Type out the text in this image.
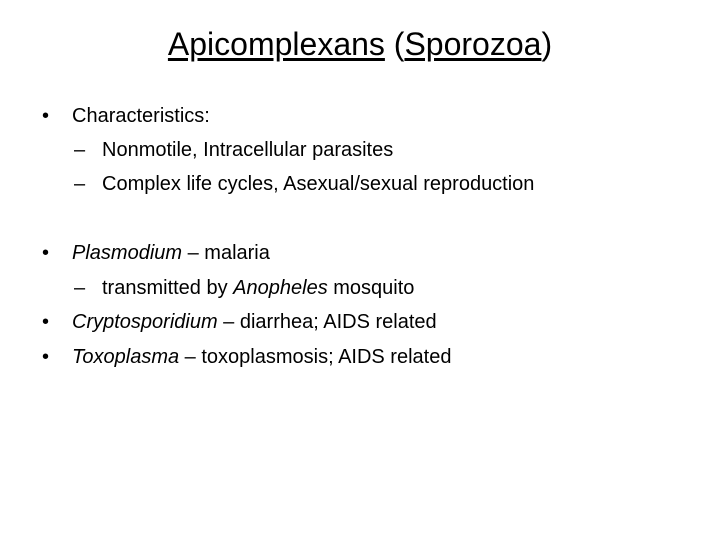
Apicomplexans (Sporozoa)
• Characteristics:
– Nonmotile, Intracellular parasites
– Complex life cycles, Asexual/sexual reproduction
• Plasmodium – malaria
– transmitted by Anopheles mosquito
• Cryptosporidium – diarrhea; AIDS related
• Toxoplasma – toxoplasmosis; AIDS related
